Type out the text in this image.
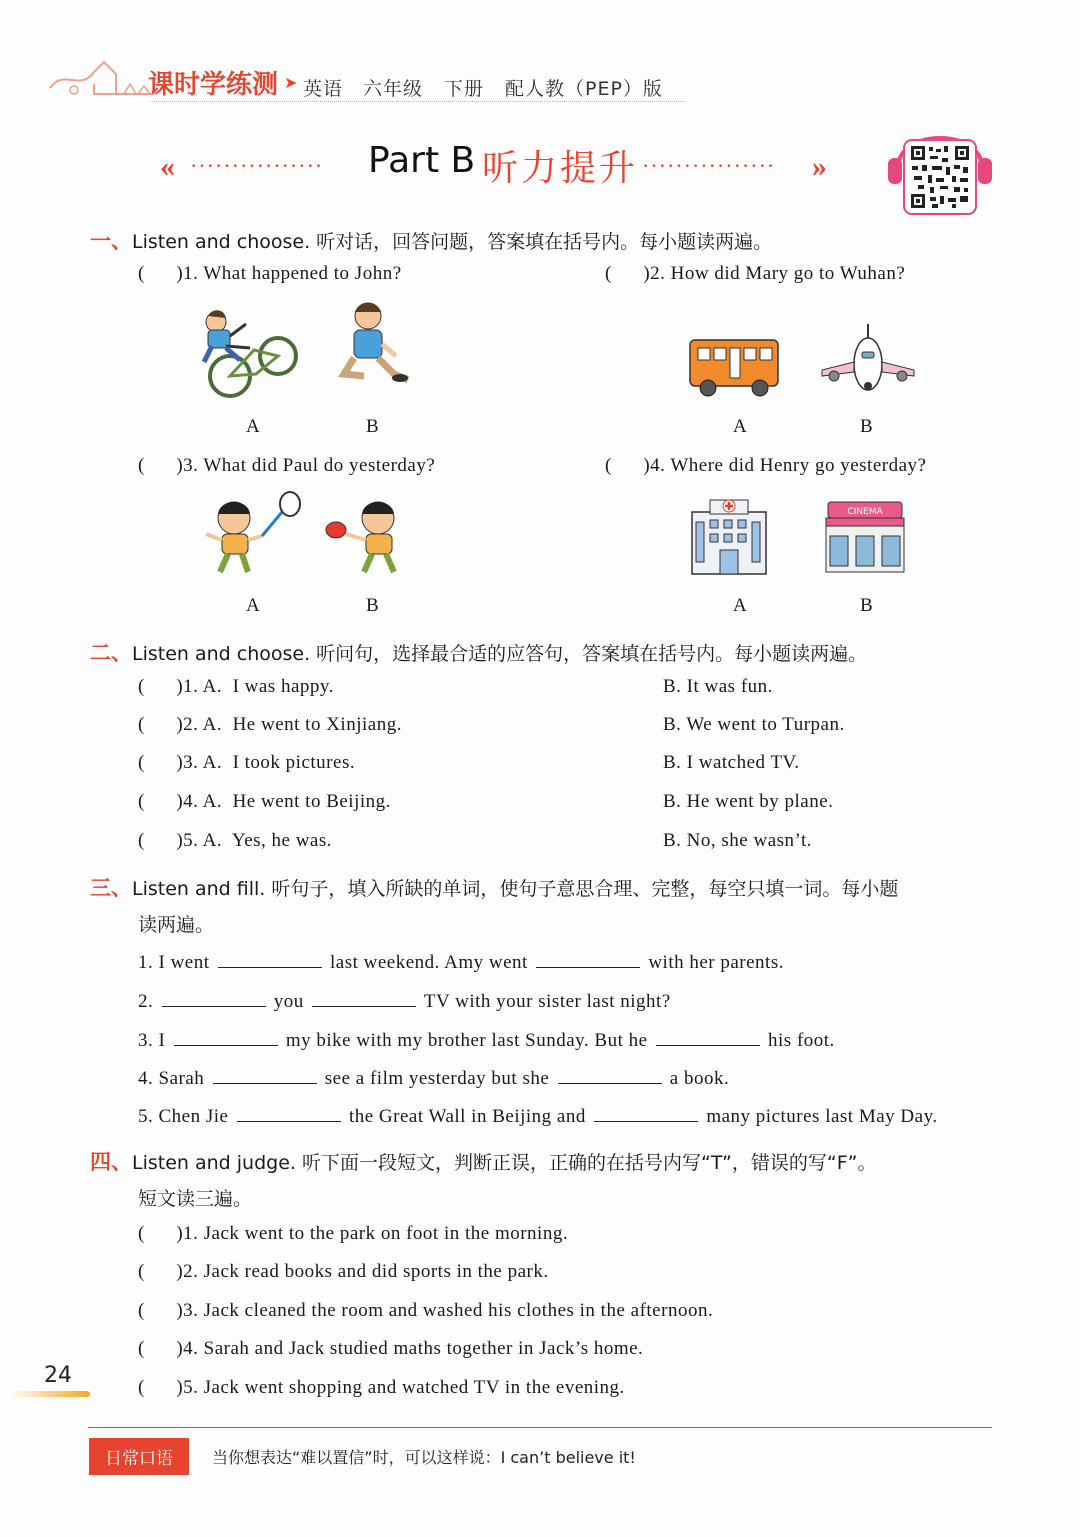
课时学练测 ➤ 英语 六年级 下册 配人教（PEP）版
« ················ Part B 听力提升 ················ »
一、Listen and choose. 听对话，回答问题，答案填在括号内。每小题读两遍。
(      )1. What happened to John?	(      )2. How did Mary go to Wuhan?
A	B	A	B
(      )3. What did Paul do yesterday?	(      )4. Where did Henry go yesterday?
A	B
CINEMA
A	B
二、Listen and choose. 听问句，选择最合适的应答句，答案填在括号内。每小题读两遍。
(      )1. A.  I was happy.	B. It was fun.
(      )2. A.  He went to Xinjiang.	B. We went to Turpan.
(      )3. A.  I took pictures.	B. I watched TV.
(      )4. A.  He went to Beijing.	B. He went by plane.
(      )5. A.  Yes, he was.	B. No, she wasn’t.
三、Listen and fill. 听句子，填入所缺的单词，使句子意思合理、完整，每空只填一词。每小题
读两遍。
1. I went	last weekend. Amy went	with her parents.
2.	you	TV with your sister last night?
3. I	my bike with my brother last Sunday. But he	his foot.
4. Sarah	see a film yesterday but she	a book.
5. Chen Jie	the Great Wall in Beijing and	many pictures last May Day.
四、Listen and judge. 听下面一段短文，判断正误，正确的在括号内写“T”，错误的写“F”。
短文读三遍。
(      )1. Jack went to the park on foot in the morning.
(      )2. Jack read books and did sports in the park.
(      )3. Jack cleaned the room and washed his clothes in the afternoon.
(      )4. Sarah and Jack studied maths together in Jack’s home.
(      )5. Jack went shopping and watched TV in the evening.
24
日常口语	当你想表达“难以置信”时，可以这样说：I can’t believe it!
